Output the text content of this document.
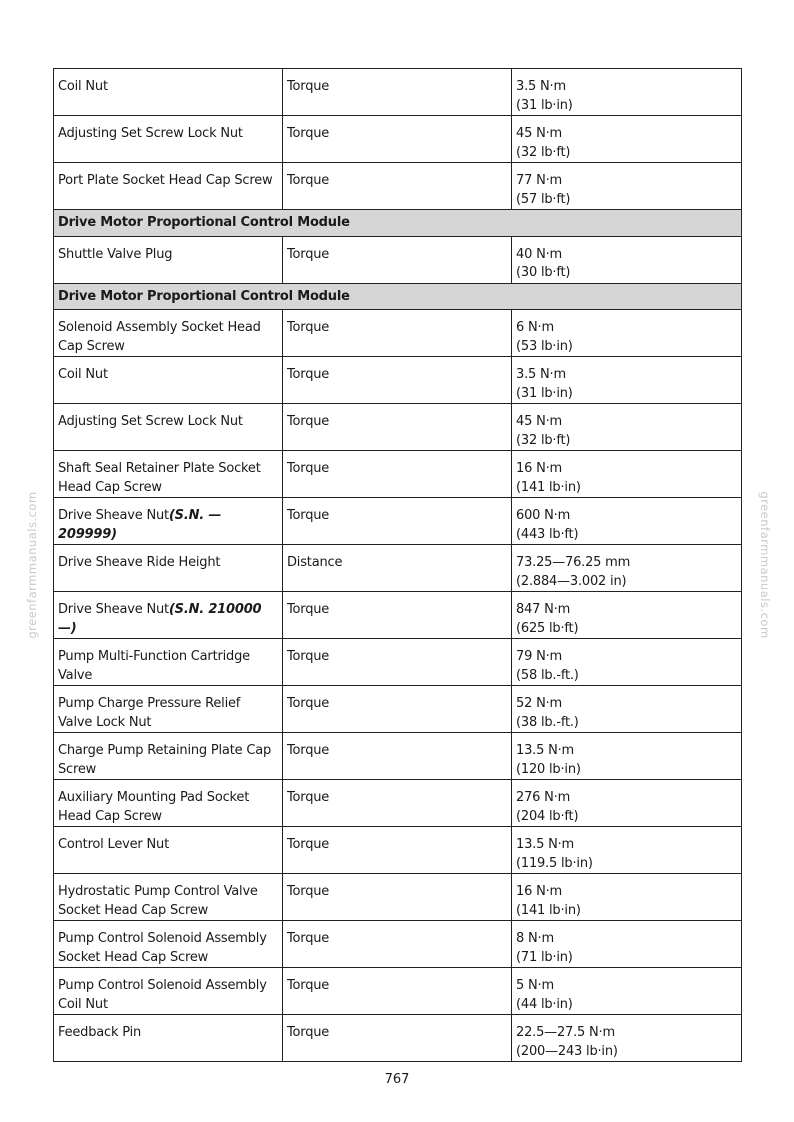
greenfarmmanuals.com	greenfarmmanuals.com
Coil Nut	Torque	3.5 N·m
(31 lb·in)

Adjusting Set Screw Lock Nut	Torque	45 N·m
(32 lb·ft)

Port Plate Socket Head Cap Screw	Torque	77 N·m
(57 lb·ft)

Drive Motor Proportional Control Module		
Shuttle Valve Plug	Torque	40 N·m
(30 lb·ft)

Drive Motor Proportional Control Module		
Solenoid Assembly Socket Head Cap Screw	Torque	6 N·m
(53 lb·in)

Coil Nut	Torque	3.5 N·m
(31 lb·in)

Adjusting Set Screw Lock Nut	Torque	45 N·m
(32 lb·ft)

Shaft Seal Retainer Plate Socket Head Cap Screw	Torque	16 N·m
(141 lb·in)

Drive Sheave Nut(S.N. —209999)	Torque	600 N·m
(443 lb·ft)

Drive Sheave Ride Height	Distance	73.25—76.25 mm
(2.884—3.002 in)

Drive Sheave Nut(S.N. 210000—)	Torque	847 N·m
(625 lb·ft)

Pump Multi-Function Cartridge Valve	Torque	79 N·m
(58 lb.-ft.)

Pump Charge Pressure Relief Valve Lock Nut	Torque	52 N·m
(38 lb.-ft.)

Charge Pump Retaining Plate Cap Screw	Torque	13.5 N·m
(120 lb·in)

Auxiliary Mounting Pad Socket Head Cap Screw	Torque	276 N·m
(204 lb·ft)

Control Lever Nut	Torque	13.5 N·m
(119.5 lb·in)

Hydrostatic Pump Control Valve Socket Head Cap Screw	Torque	16 N·m
(141 lb·in)

Pump Control Solenoid Assembly Socket Head Cap Screw	Torque	8 N·m
(71 lb·in)

Pump Control Solenoid Assembly Coil Nut	Torque	5 N·m
(44 lb·in)

Feedback Pin	Torque	22.5—27.5 N·m
(200—243 lb·in)
767
